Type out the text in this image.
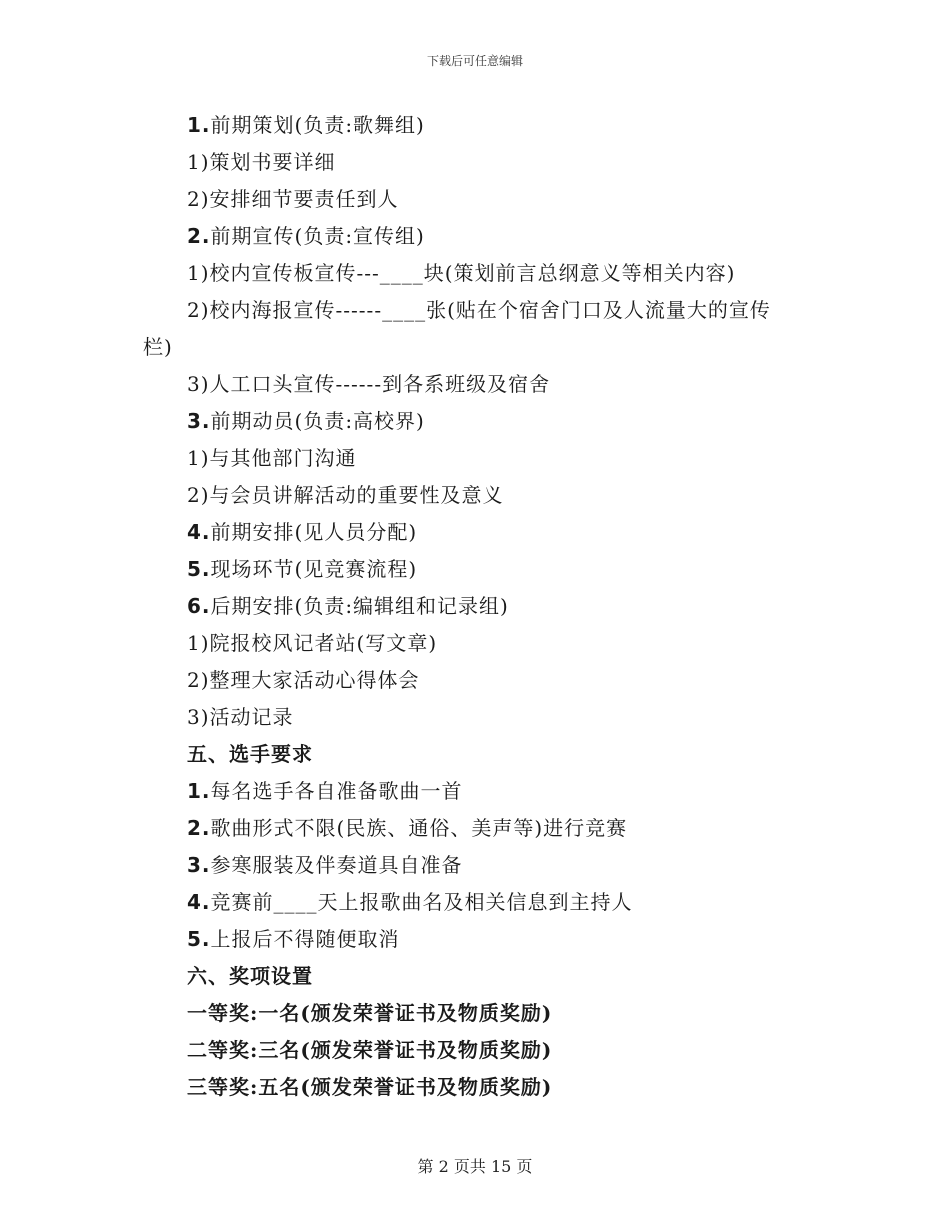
下载后可任意编辑
1.前期策划(负责:歌舞组)
1)策划书要详细
2)安排细节要责任到人
2.前期宣传(负责:宣传组)
1)校内宣传板宣传---____块(策划前言总纲意义等相关内容)
2)校内海报宣传------____张(贴在个宿舍门口及人流量大的宣传
栏)
3)人工口头宣传------到各系班级及宿舍
3.前期动员(负责:高校界)
1)与其他部门沟通
2)与会员讲解活动的重要性及意义
4.前期安排(见人员分配)
5.现场环节(见竞赛流程)
6.后期安排(负责:编辑组和记录组)
1)院报校风记者站(写文章)
2)整理大家活动心得体会
3)活动记录
五、选手要求
1.每名选手各自准备歌曲一首
2.歌曲形式不限(民族、通俗、美声等)进行竞赛
3.参寒服装及伴奏道具自准备
4.竞赛前____天上报歌曲名及相关信息到主持人
5.上报后不得随便取消
六、奖项设置
一等奖:一名(颁发荣誉证书及物质奖励)
二等奖:三名(颁发荣誉证书及物质奖励)
三等奖:五名(颁发荣誉证书及物质奖励)
第 2 页共 15 页
